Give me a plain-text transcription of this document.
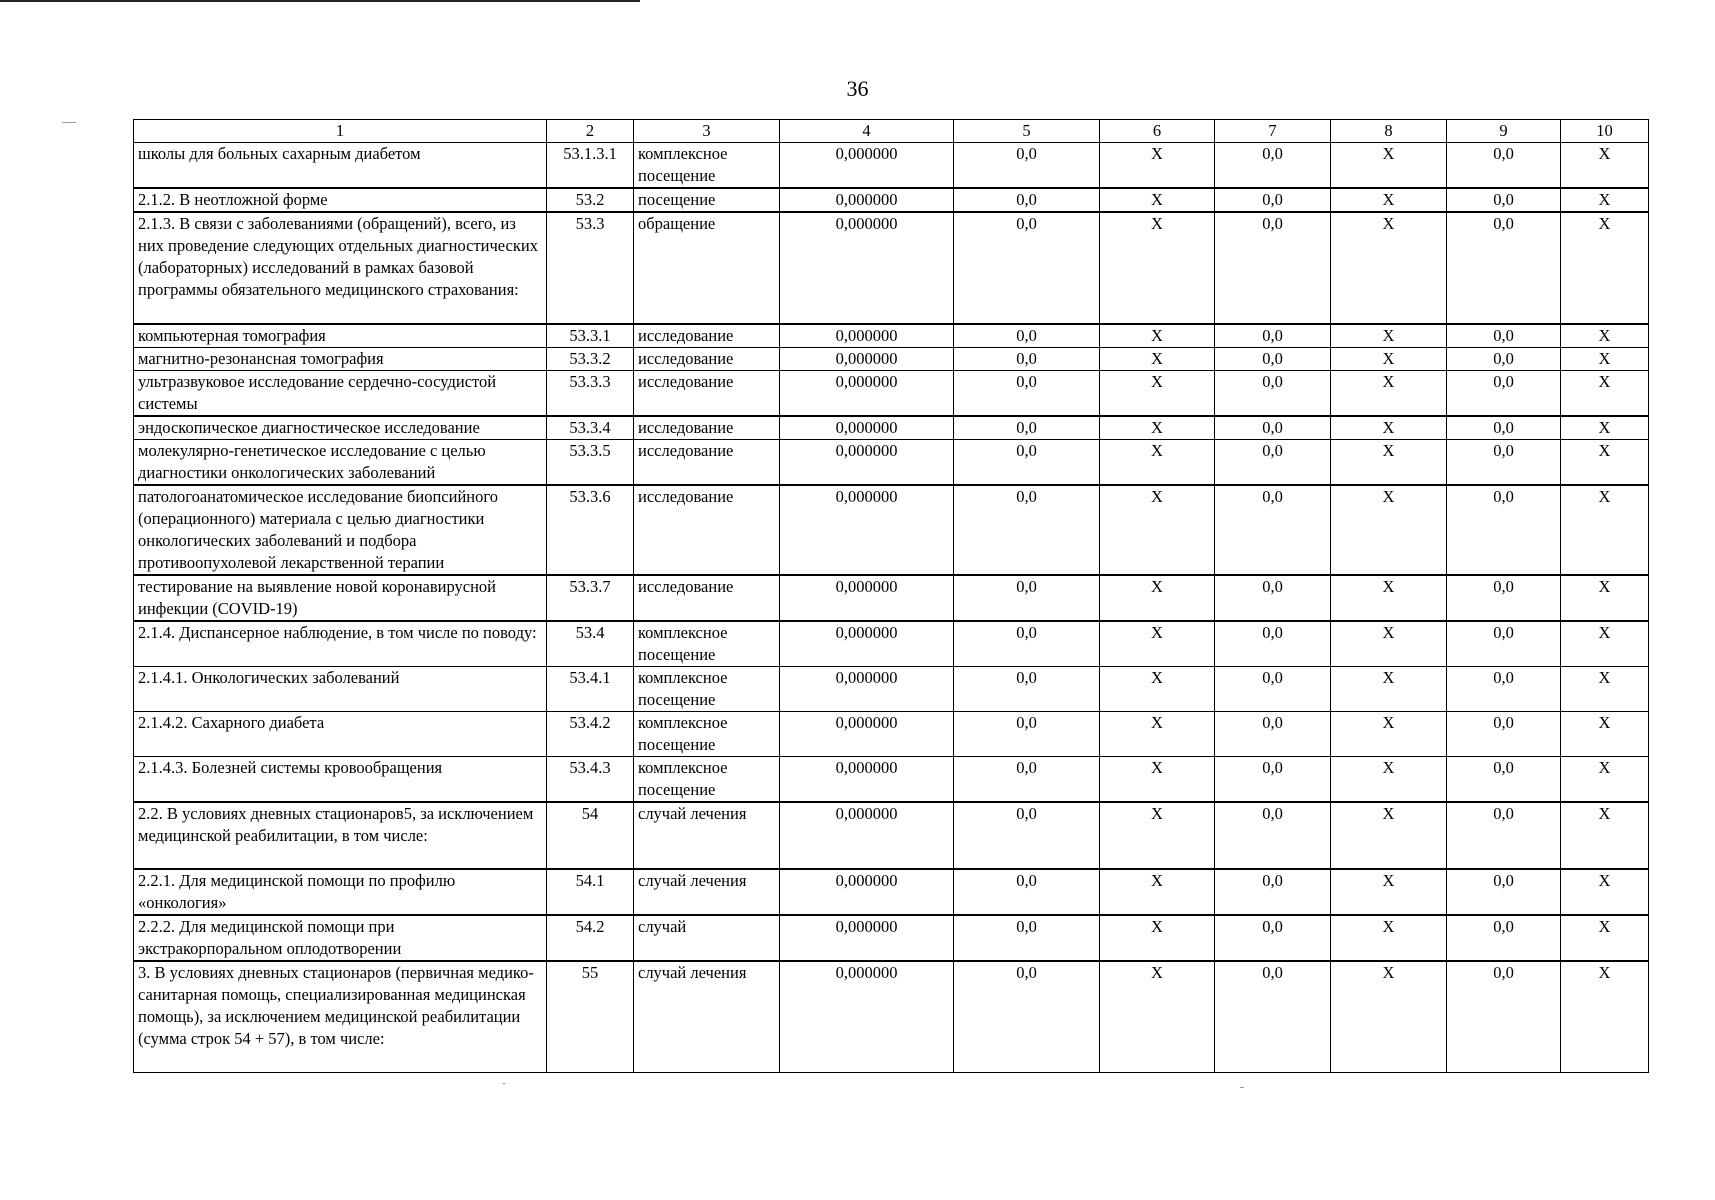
36
1	2	3	4	5	6	7	8	9	10
школы для больных сахарным диабетом	53.1.3.1	комплексное посещение	0,000000	0,0	X	0,0	X	0,0	X
2.1.2. В неотложной форме	53.2	посещение	0,000000	0,0	X	0,0	X	0,0	X
2.1.3. В связи с заболеваниями (обращений), всего, из них проведение следующих отдельных диагностических (лабораторных) исследований в рамках базовой программы обязательного медицинского страхования:	53.3	обращение	0,000000	0,0	X	0,0	X	0,0	X
компьютерная томография	53.3.1	исследование	0,000000	0,0	X	0,0	X	0,0	X
магнитно-резонансная томография	53.3.2	исследование	0,000000	0,0	X	0,0	X	0,0	X
ультразвуковое исследование сердечно-сосудистой системы	53.3.3	исследование	0,000000	0,0	X	0,0	X	0,0	X
эндоскопическое диагностическое исследование	53.3.4	исследование	0,000000	0,0	X	0,0	X	0,0	X
молекулярно-генетическое исследование с целью диагностики онкологических заболеваний	53.3.5	исследование	0,000000	0,0	X	0,0	X	0,0	X
патологоанатомическое исследование биопсийного (операционного) материала с целью диагностики онкологических заболеваний и подбора противоопухолевой лекарственной терапии	53.3.6	исследование	0,000000	0,0	X	0,0	X	0,0	X
тестирование на выявление новой коронавирусной инфекции (COVID-19)	53.3.7	исследование	0,000000	0,0	X	0,0	X	0,0	X
2.1.4. Диспансерное наблюдение, в том числе по поводу:	53.4	комплексное посещение	0,000000	0,0	X	0,0	X	0,0	X
2.1.4.1. Онкологических заболеваний	53.4.1	комплексное посещение	0,000000	0,0	X	0,0	X	0,0	X
2.1.4.2. Сахарного диабета	53.4.2	комплексное посещение	0,000000	0,0	X	0,0	X	0,0	X
2.1.4.3. Болезней системы кровообращения	53.4.3	комплексное посещение	0,000000	0,0	X	0,0	X	0,0	X
2.2. В условиях дневных стационаров5, за исключением медицинской реабилитации, в том числе:	54	случай лечения	0,000000	0,0	X	0,0	X	0,0	X
2.2.1. Для медицинской помощи по профилю «онкология»	54.1	случай лечения	0,000000	0,0	X	0,0	X	0,0	X
2.2.2. Для медицинской помощи при экстракорпоральном оплодотворении	54.2	случай	0,000000	0,0	X	0,0	X	0,0	X
3. В условиях дневных стационаров (первичная медико-санитарная помощь, специализированная медицинская помощь), за исключением медицинской реабилитации (сумма строк 54 + 57), в том числе:	55	случай лечения	0,000000	0,0	X	0,0	X	0,0	X
